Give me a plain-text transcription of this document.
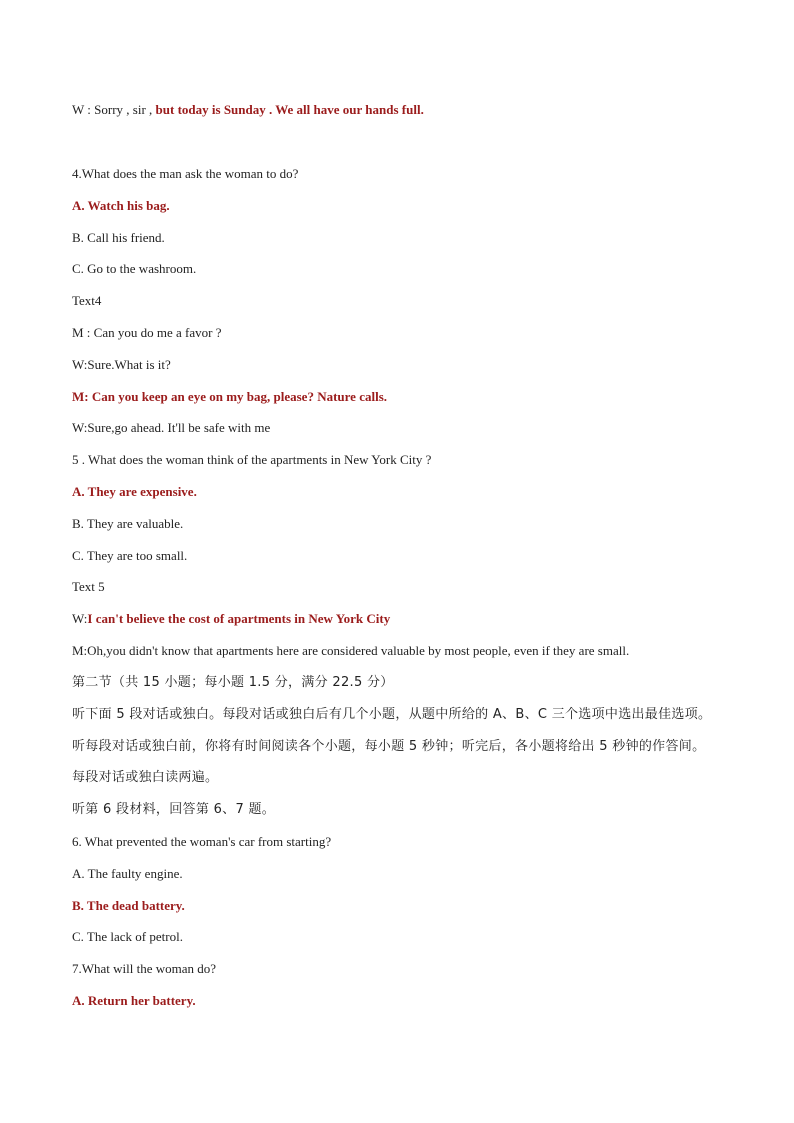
W : Sorry , sir , but today is Sunday . We all have our hands full.
4.What does the man ask the woman to do?
A. Watch his bag.
B. Call his friend.
C. Go to the washroom.
Text4
M : Can you do me a favor ?
W:Sure.What is it?
M: Can you keep an eye on my bag, please? Nature calls.
W:Sure,go ahead. It'll be safe with me
5 . What does the woman think of the apartments in New York City ?
A. They are expensive.
B. They are valuable.
C. They are too small.
Text 5
W:I can't believe the cost of apartments in New York City
M:Oh,you didn't know that apartments here are considered valuable by most people, even if they are small.
第二节（共 15 小题；每小题 1.5 分，满分 22.5 分）
听下面 5 段对话或独白。每段对话或独白后有几个小题，从题中所给的 A、B、C 三个选项中选出最佳选项。
听每段对话或独白前，你将有时间阅读各个小题，每小题 5 秒钟；听完后，各小题将给出 5 秒钟的作答间。
每段对话或独白读两遍。
听第 6 段材料，回答第 6、7 题。
6. What prevented the woman's car from starting?
A. The faulty engine.
B. The dead battery.
C. The lack of petrol.
7.What will the woman do?
A. Return her battery.
